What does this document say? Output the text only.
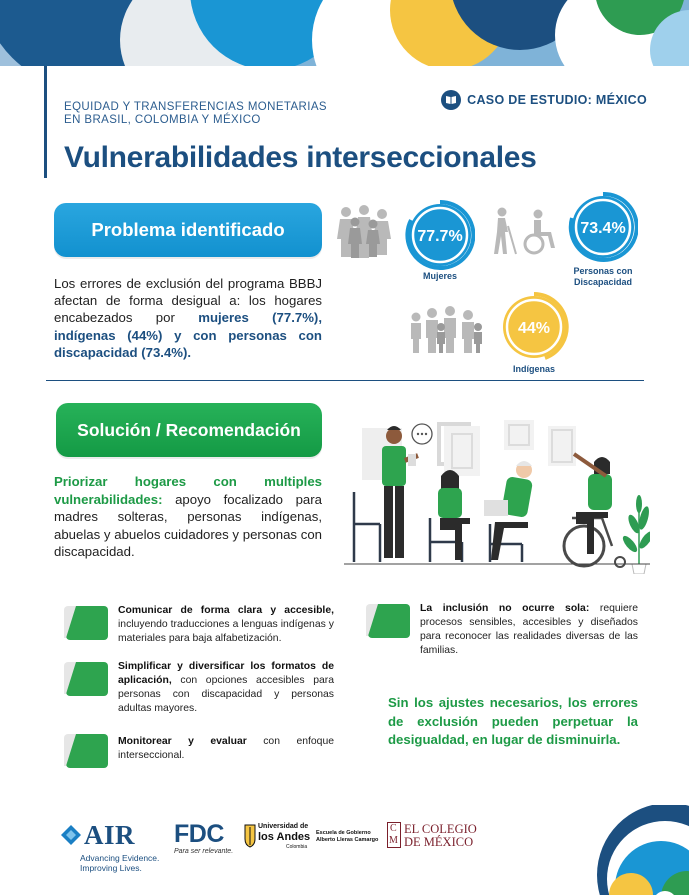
EQUIDAD Y TRANSFERENCIAS MONETARIAS
EN BRASIL, COLOMBIA Y MÉXICO
CASO DE ESTUDIO: MÉXICO
Vulnerabilidades interseccionales
Problema identificado

Los errores de exclusión del programa BBBJ afectan de forma desigual a: los hogares encabezados por mujeres (77.7%), indígenas (44%) y con personas con discapacidad (73.4%).

77.7%
Mujeres
73.4%
Personas con
Discapacidad
44%
Indígenas
Solución / Recomendación

Priorizar hogares con multiples vulnerabilidades: apoyo focalizado para madres solteras, personas indígenas, abuelas y abuelos cuidadores y personas con discapacidad.

Comunicar de forma clara y accesible, incluyendo traducciones a lenguas indígenas y materiales para baja alfabetización.
Simplificar y diversificar los formatos de aplicación, con opciones accesibles para personas con discapacidad y personas adultas mayores.
Monitorear y evaluar con enfoque interseccional.
La inclusión no ocurre sola: requiere procesos sensibles, accesibles y diseñados para reconocer las realidades diversas de las familias.

Sin los ajustes necesarios, los errores de exclusión pueden perpetuar la desigualdad, en lugar de disminuirla.

AIR
Advancing Evidence.
Improving Lives.
FDC
Para ser relevante.
Universidad de
los Andes
Colombia
Escuela de Gobierno
Alberto Lleras Camargo
C
M
EL COLEGIO
DE MÉXICO
